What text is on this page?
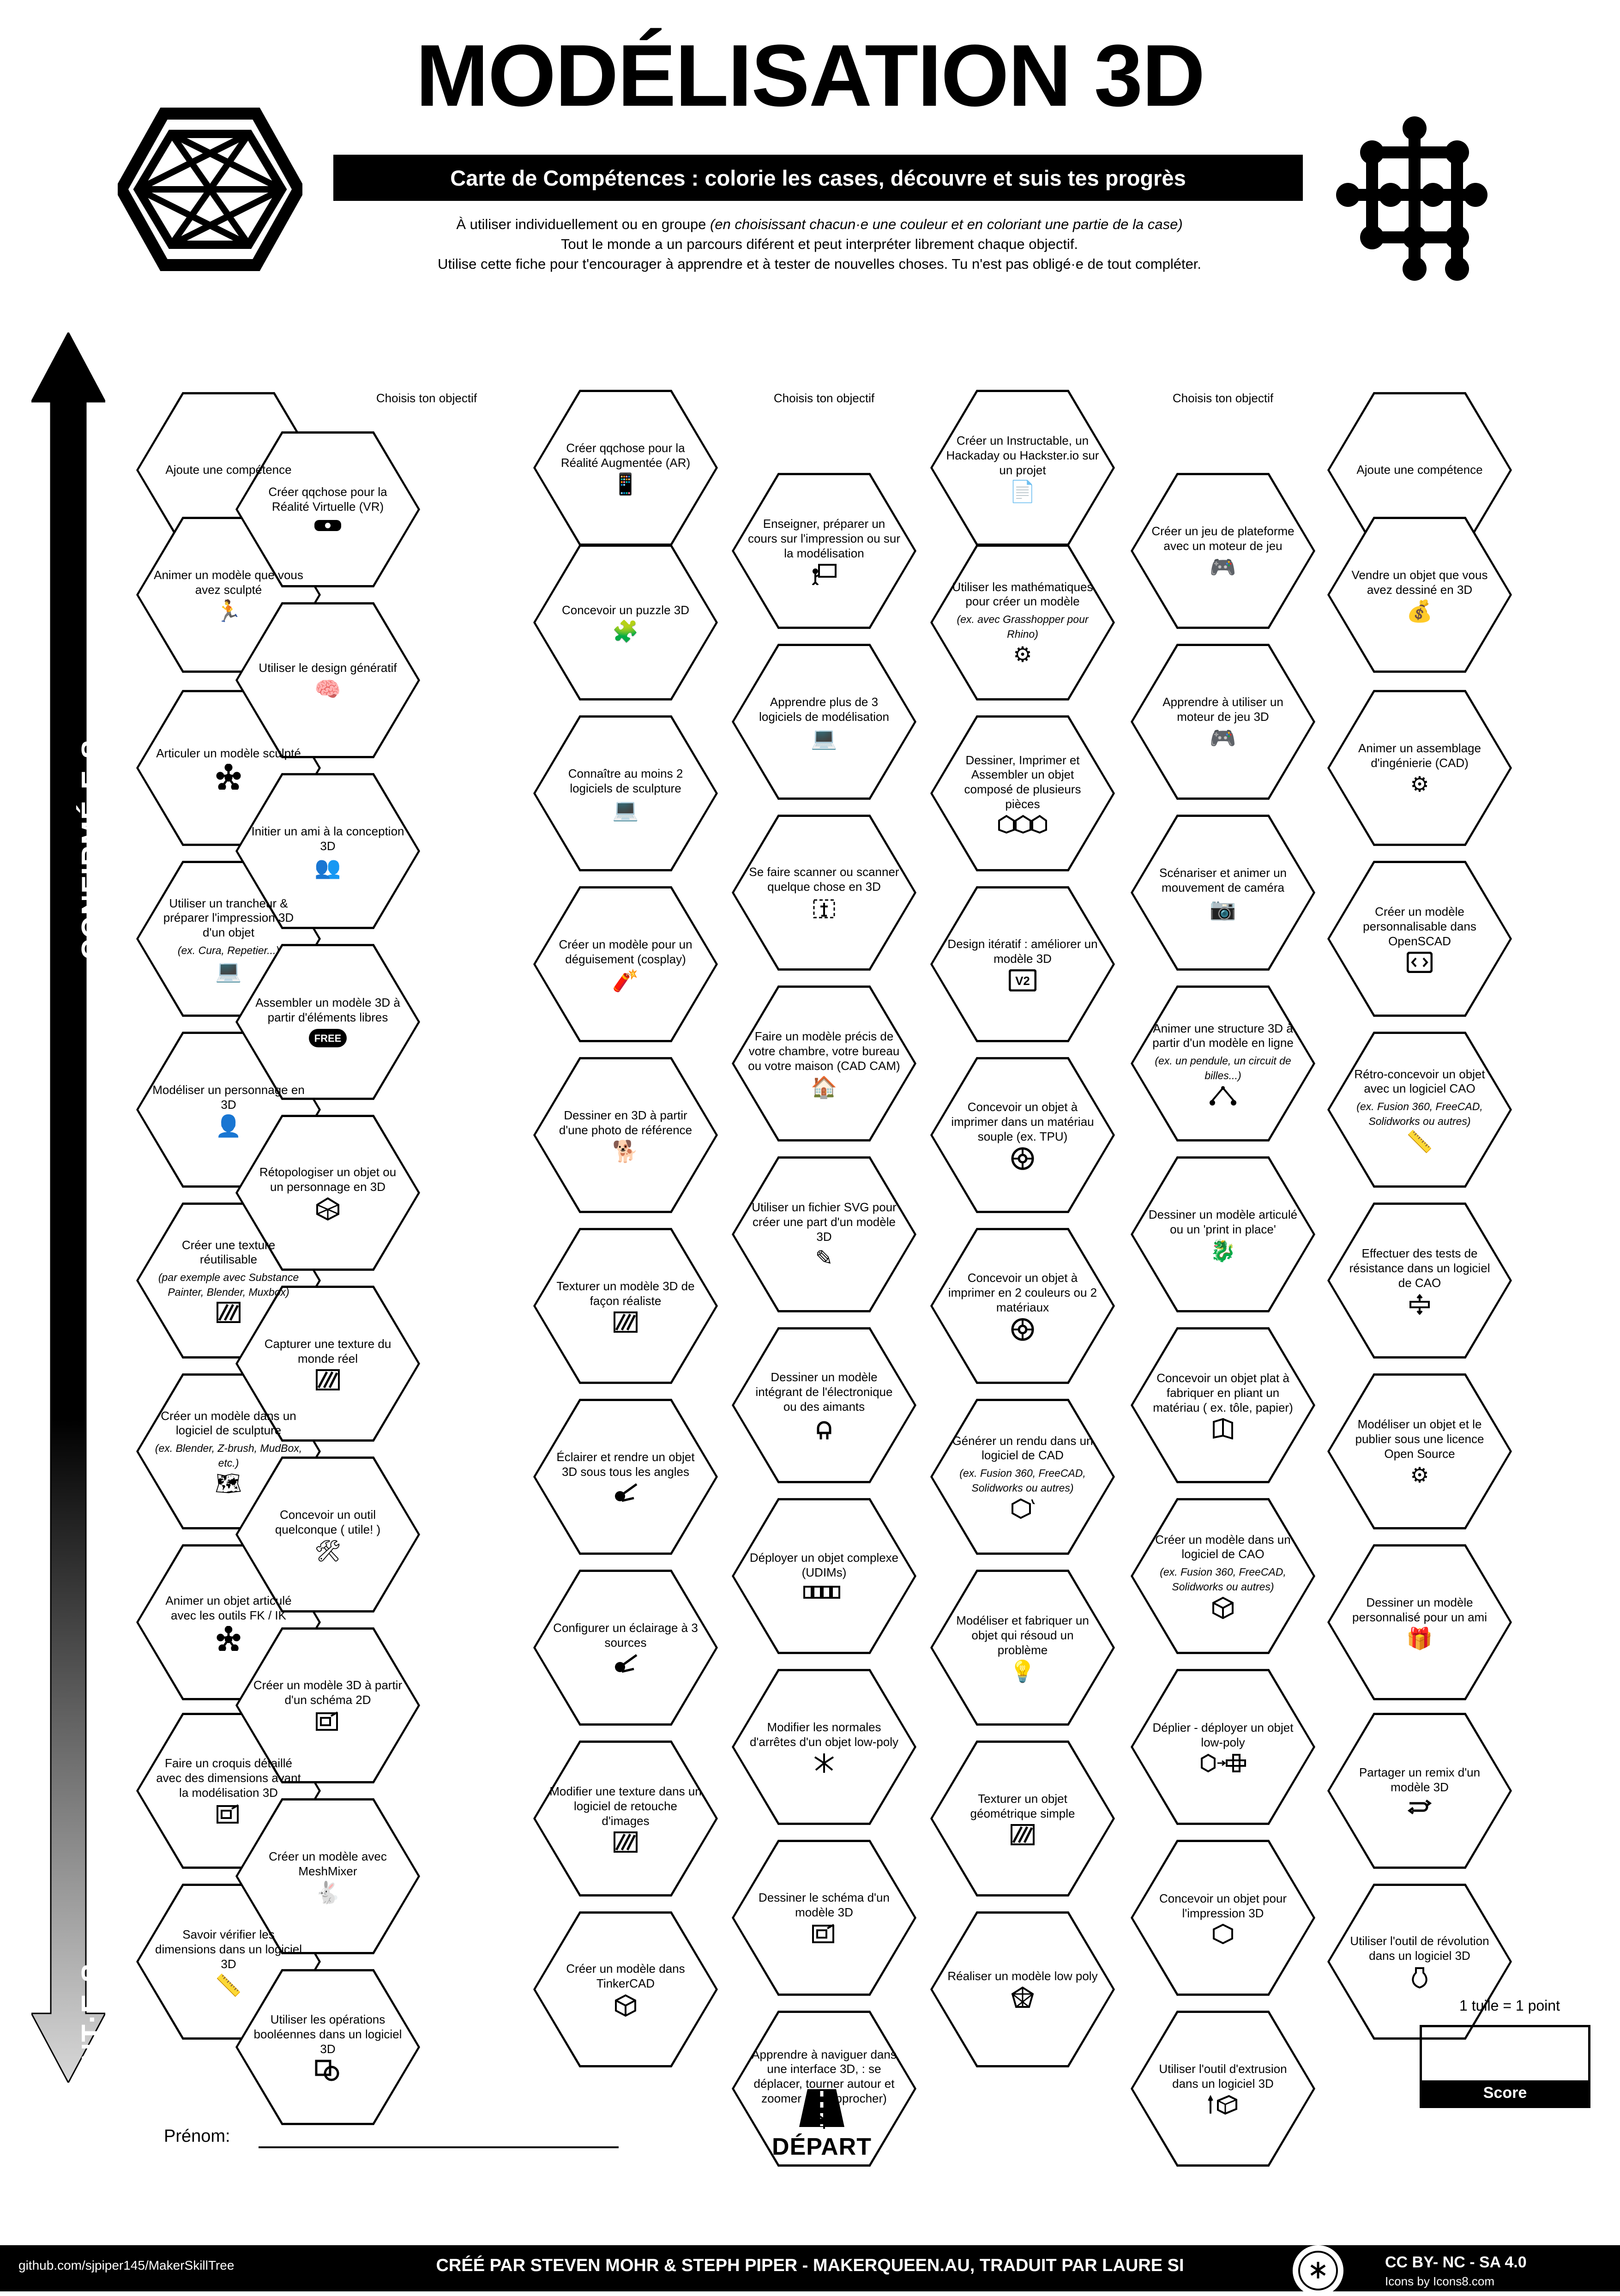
MODÉLISATION 3D
Carte de Compétences : colorie les cases, découvre et suis tes progrès
À utiliser individuellement ou en groupe (en choisissant chacun·e une couleur et en coloriant une partie de la case)
Tout le monde a un parcours diférent et peut interpréter librement chaque objectif.
Utilise cette fiche pour t'encourager à apprendre et à tester de nouvelles choses. Tu n'est pas obligé·e de tout compléter.
CONFIRMÉ·E·S
DÉBUTANT·E·S
Choisis ton objectif	Choisis ton objectif	Choisis ton objectif
Ajoute une compétence	Ajoute une compétence
Animer un modèle que vous avez sculpté
🏃
Articuler un modèle sculpté
Utiliser un trancheur & préparer l'impression 3D d'un objet
(ex. Cura, Repetier...)
💻
Modéliser un personnage en 3D
👤
Créer une texture réutilisable
(par exemple avec Substance Painter, Blender, Muxbox)
Créer un modèle dans un logiciel de sculpture
(ex. Blender, Z-brush, MudBox, etc.)
🗺
Animer un objet articulé avec les outils FK / IK
Faire un croquis détaillé avec des dimensions avant la modélisation 3D
Savoir vérifier les dimensions dans un logiciel 3D
📏
Créer qqchose pour la Réalité Virtuelle (VR)
Utiliser le design génératif
🧠
Initier un ami à la conception 3D
👥
Assembler un modèle 3D à partir d'éléments libres
FREE
Rétopologiser un objet ou un personnage en 3D
Capturer une texture du monde réel
Concevoir un outil quelconque ( utile! )
🛠
Créer un modèle 3D à partir d'un schéma 2D
Créer un modèle avec MeshMixer
🐇
Utiliser les opérations booléennes dans un logiciel 3D
Créer qqchose pour la Réalité Augmentée (AR)
📱
Concevoir un puzzle 3D
🧩
Connaître au moins 2 logiciels de sculpture
💻
Créer un modèle pour un déguisement (cosplay)
🧨
Dessiner en 3D à partir d'une photo de référence
🐕
Texturer un modèle 3D de façon réaliste
Éclairer et rendre un objet 3D sous tous les angles
Configurer un éclairage à 3 sources
Modifier une texture dans un logiciel de retouche d'images
Créer un modèle dans TinkerCAD
Enseigner, préparer un cours sur l'impression ou sur la modélisation
Apprendre plus de 3 logiciels de modélisation
💻
Se faire scanner ou scanner quelque chose en 3D
Faire un modèle précis de votre chambre, votre bureau ou votre maison (CAD CAM)
🏠
Utiliser un fichier SVG pour créer une part d'un modèle 3D
✎
Dessiner un modèle intégrant de l'électronique ou des aimants
Déployer un objet complexe (UDIMs)
Modifier les normales d'arrêtes d'un objet low-poly
Dessiner le schéma d'un modèle 3D
Apprendre à naviguer dans une interface 3D, : se déplacer, tourner autour et zoomer (se rapprocher)
Créer un Instructable, un Hackaday ou Hackster.io sur un projet
📄
Utiliser les mathématiques pour créer un modèle
(ex. avec Grasshopper pour Rhino)
⚙
Dessiner, Imprimer et Assembler un objet composé de plusieurs pièces
Design itératif : améliorer un modèle 3D
V2
Concevoir un objet à imprimer dans un matériau souple (ex. TPU)
Concevoir un objet à imprimer en 2 couleurs ou 2 matériaux
Générer un rendu dans un logiciel de CAD
(ex. Fusion 360, FreeCAD, Solidworks ou autres)
Modéliser et fabriquer un objet qui résoud un problème
💡
Texturer un objet géométrique simple
Réaliser un modèle low poly
Créer un jeu de plateforme avec un moteur de jeu
🎮
Apprendre à utiliser un moteur de jeu 3D
🎮
Scénariser et animer un mouvement de caméra
📷
Animer une structure 3D à partir d'un modèle en ligne
(ex. un pendule, un circuit de billes...)
Dessiner un modèle articulé ou un 'print in place'
🐉
Concevoir un objet plat à fabriquer en pliant un matériau ( ex. tôle, papier)
Créer un modèle dans un logiciel de CAO
(ex. Fusion 360, FreeCAD, Solidworks ou autres)
Déplier - déployer un objet low-poly
Concevoir un objet pour l'impression 3D
Utiliser l'outil d'extrusion dans un logiciel 3D
Vendre un objet que vous avez dessiné en 3D
💰
Animer un assemblage d'ingénierie (CAD)
⚙
Créer un modèle personnalisable dans OpenSCAD
Rétro-concevoir un objet avec un logiciel CAO
(ex. Fusion 360, FreeCAD, Solidworks ou autres)
📏
Effectuer des tests de résistance dans un logiciel de CAO
Modéliser un objet et le publier sous une licence Open Source
⚙
Dessiner un modèle personnalisé pour un ami
🎁
Partager un remix d'un modèle 3D
Utiliser l'outil de révolution dans un logiciel 3D
Prénom:	DÉPART
1 tuile = 1 point
Score
github.com/sjpiper145/MakerSkillTree	CRÉÉ PAR STEVEN MOHR & STEPH PIPER - MAKERQUEEN.AU, TRADUIT PAR LAURE SI	CC BY- NC - SA 4.0
Icons by Icons8.com
